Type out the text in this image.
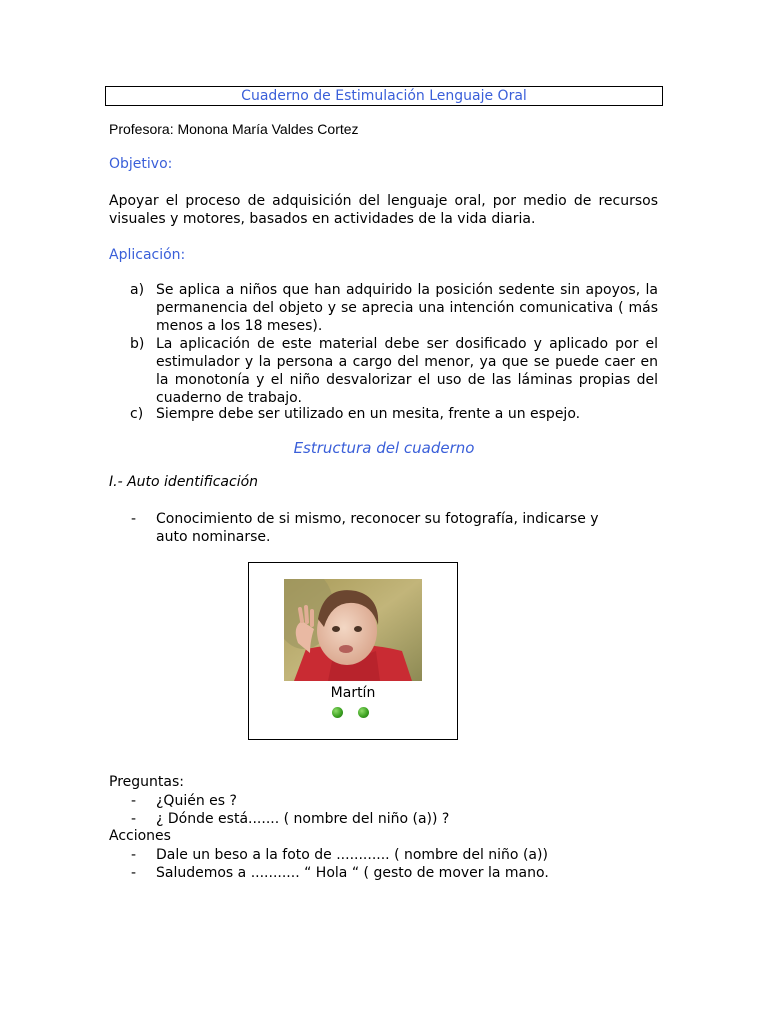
Cuaderno de Estimulación Lenguaje Oral
Profesora: Monona María Valdes Cortez
Objetivo:
Apoyar el proceso de adquisición del lenguaje oral, por medio de recursos visuales y motores, basados en actividades de la vida diaria.
Aplicación:
a) Se aplica a niños que han adquirido la posición sedente sin apoyos, la permanencia del objeto y se aprecia una intención comunicativa ( más menos a los 18 meses).
b) La aplicación de este material debe ser dosificado y aplicado por el estimulador y la persona a cargo del menor, ya que se puede caer en la monotonía y el niño desvalorizar el uso de las láminas propias del cuaderno de trabajo.
c) Siempre debe ser utilizado en un mesita, frente a un espejo.
Estructura del cuaderno
I.- Auto identificación
- Conocimiento de si mismo, reconocer su fotografía, indicarse y auto nominarse.
Martín
Preguntas:
- ¿Quién es ?
- ¿ Dónde está....... ( nombre del niño (a)) ?
Acciones
- Dale un beso a la foto de ............ ( nombre del niño (a))
- Saludemos a ........... “ Hola “ ( gesto de mover la mano.
